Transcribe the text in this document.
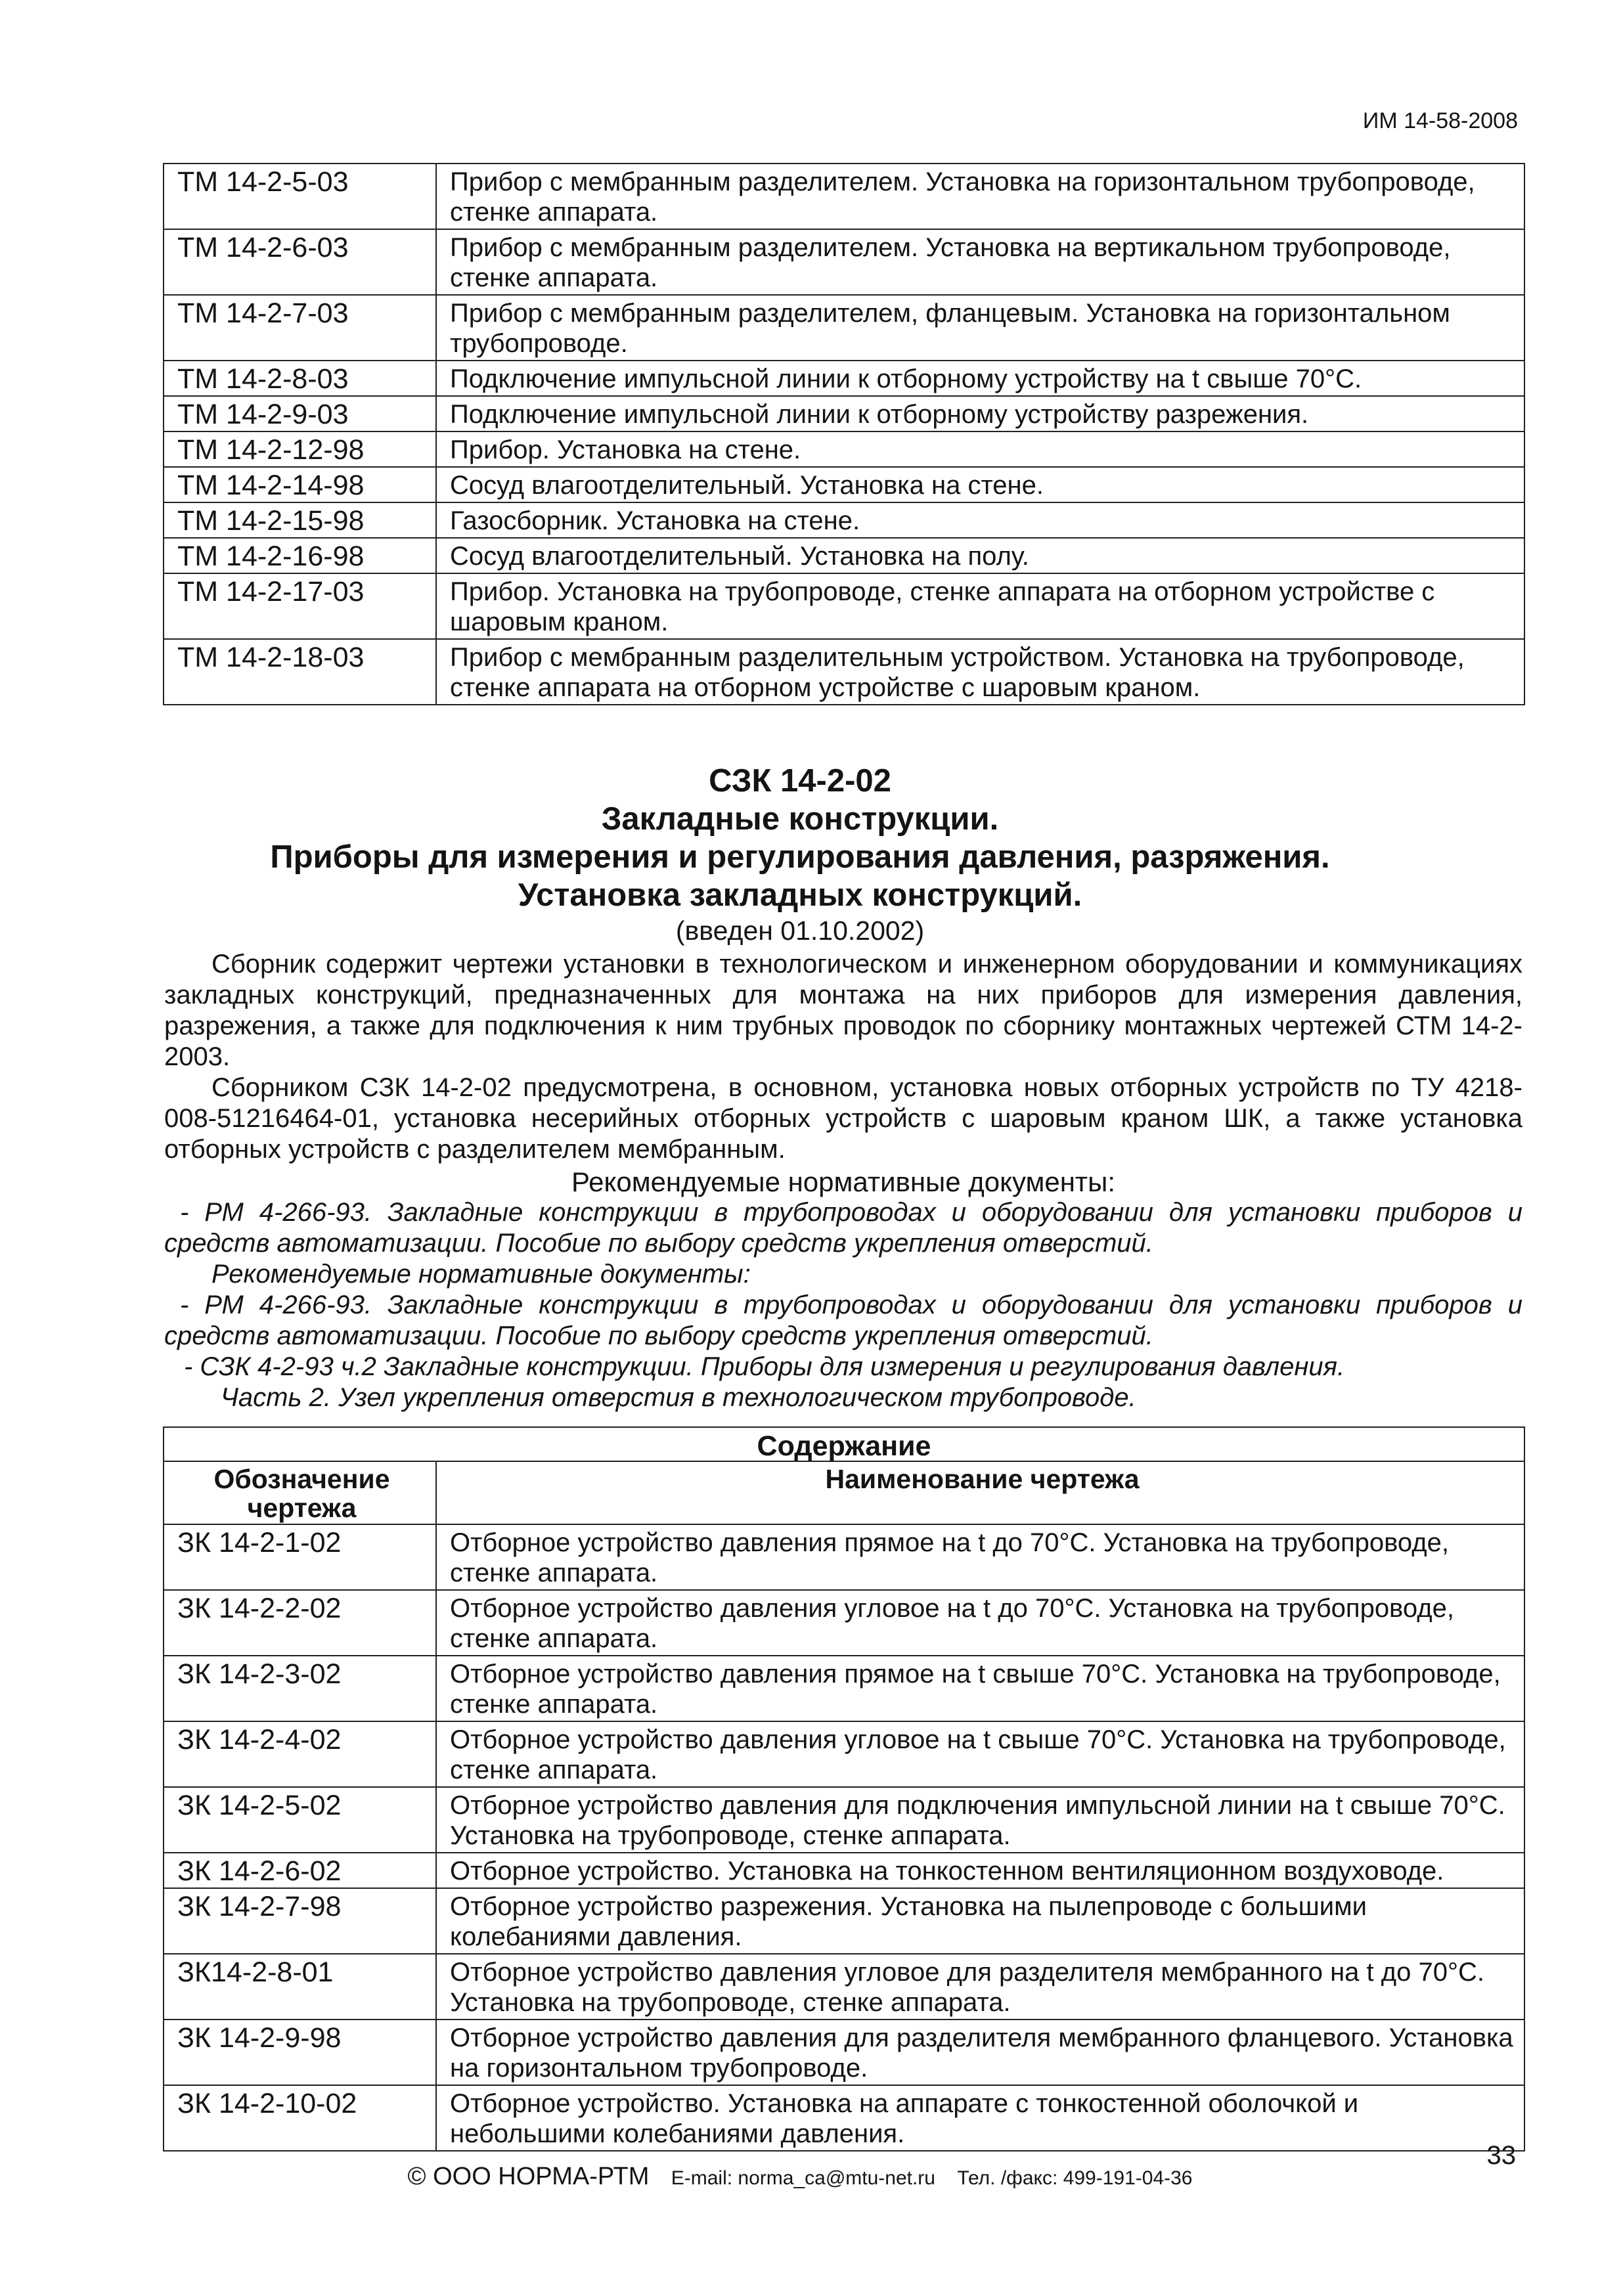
ИМ 14-58-2008
ТМ 14-2-5-03	Прибор с мембранным разделителем. Установка на горизонтальном трубопроводе, стенке аппарата.
ТМ 14-2-6-03	Прибор с мембранным разделителем. Установка на вертикальном трубопроводе, стенке аппарата.
ТМ 14-2-7-03	Прибор с мембранным разделителем, фланцевым. Установка на горизонтальном трубопроводе.
ТМ 14-2-8-03	Подключение импульсной линии к отборному устройству на t свыше 70°С.
ТМ 14-2-9-03	Подключение импульсной линии к отборному устройству разрежения.
ТМ 14-2-12-98	Прибор. Установка на стене.
ТМ 14-2-14-98	Сосуд влагоотделительный. Установка на стене.
ТМ 14-2-15-98	Газосборник. Установка на стене.
ТМ 14-2-16-98	Сосуд влагоотделительный. Установка на полу.
ТМ 14-2-17-03	Прибор. Установка на трубопроводе, стенке аппарата на отборном устройстве с шаровым краном.
ТМ 14-2-18-03	Прибор с мембранным разделительным устройством. Установка на трубопроводе, стенке аппарата на отборном устройстве с шаровым краном.
СЗК 14-2-02
Закладные конструкции.
Приборы для измерения и регулирования давления, разряжения.
Установка закладных конструкций.
(введен 01.10.2002)

Сборник содержит чертежи установки в технологическом и инженерном оборудовании и коммуникациях закладных конструкций, предназначенных для монтажа на них приборов для измерения давления, разрежения, а также для подключения к ним трубных проводок по сборнику монтажных чертежей СТМ 14-2-2003.

Сборником СЗК 14-2-02 предусмотрена, в основном, установка новых отборных устройств по ТУ 4218-008-51216464-01, установка несерийных отборных устройств с шаровым краном ШК, а также установка отборных устройств с разделителем мембранным.

Рекомендуемые нормативные документы:

- РМ 4-266-93. Закладные конструкции в трубопроводах и оборудовании для установки приборов и средств автоматизации. Пособие по выбору средств укрепления отверстий.

Рекомендуемые нормативные документы:

- РМ 4-266-93. Закладные конструкции в трубопроводах и оборудовании для установки приборов и средств автоматизации. Пособие по выбору средств укрепления отверстий.

- СЗК 4-2-93 ч.2 Закладные конструкции. Приборы для измерения и регулирования давления.

Часть 2. Узел укрепления отверстия в технологическом трубопроводе.

Содержание	
Обозначение чертежа	Наименование чертежа
ЗК 14-2-1-02	Отборное устройство давления прямое на t до 70°С. Установка на трубопроводе, стенке аппарата.
ЗК 14-2-2-02	Отборное устройство давления угловое на t до 70°С. Установка на трубопроводе, стенке аппарата.
ЗК 14-2-3-02	Отборное устройство давления прямое на t свыше 70°С. Установка на трубопроводе, стенке аппарата.
ЗК 14-2-4-02	Отборное устройство давления угловое на t свыше 70°С. Установка на трубопроводе, стенке аппарата.
ЗК 14-2-5-02	Отборное устройство давления для подключения импульсной линии на t свыше 70°С. Установка на трубопроводе, стенке аппарата.
ЗК 14-2-6-02	Отборное устройство. Установка на тонкостенном вентиляционном воздуховоде.
ЗК 14-2-7-98	Отборное устройство разрежения. Установка на пылепроводе с большими колебаниями давления.
ЗК14-2-8-01	Отборное устройство давления угловое для разделителя мембранного на t до 70°С. Установка на трубопроводе, стенке аппарата.
ЗК 14-2-9-98	Отборное устройство давления для разделителя мембранного фланцевого. Установка на горизонтальном трубопроводе.
ЗК 14-2-10-02	Отборное устройство. Установка на аппарате с тонкостенной оболочкой и небольшими колебаниями давления.
© ООО НОРМА-РТМ E-mail: norma_ca@mtu-net.ru Тел. /факс: 499-191-04-36
33
